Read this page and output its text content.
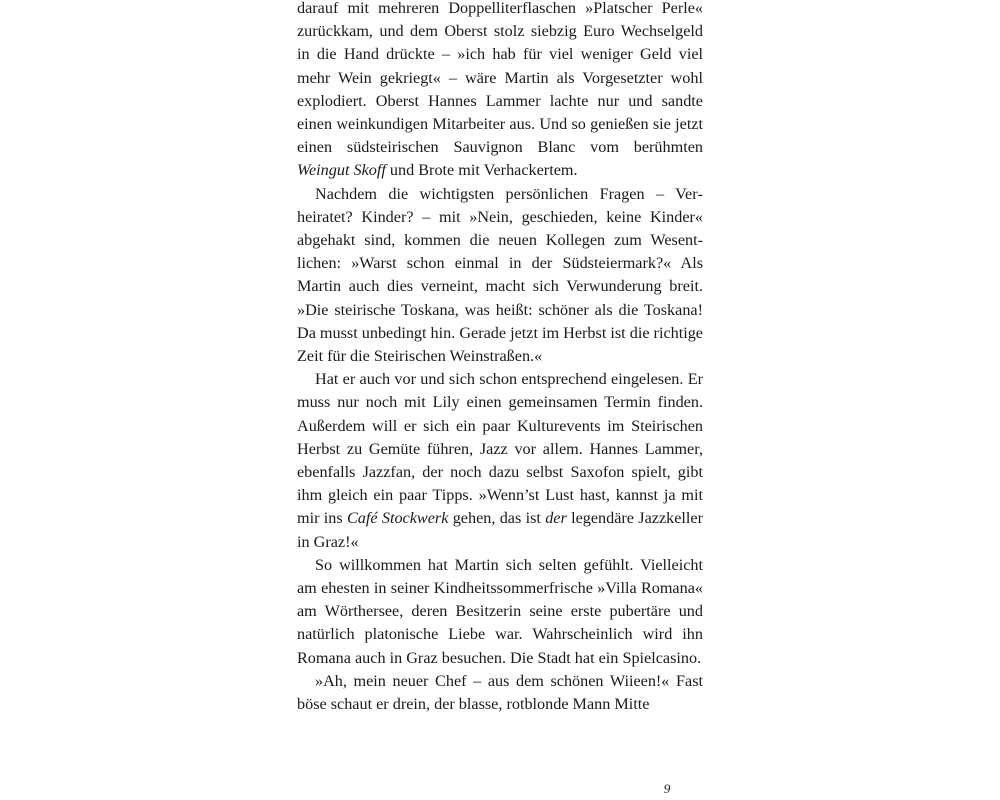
darauf mit mehreren Doppelliterflaschen »Platscher Perle« zurückkam, und dem Oberst stolz siebzig Euro Wechselgeld in die Hand drückte – »ich hab für viel weniger Geld viel mehr Wein gekriegt« – wäre Martin als Vorgesetzter wohl explodiert. Oberst Hannes Lammer lachte nur und sandte einen weinkundigen Mitarbeiter aus. Und so genießen sie jetzt einen südsteirischen Sauvignon Blanc vom berühmten Weingut Skoff und Brote mit Verhackertem.

Nachdem die wichtigsten persönlichen Fragen – Verheiratet? Kinder? – mit »Nein, geschieden, keine Kinder« abgehakt sind, kommen die neuen Kollegen zum Wesentlichen: »Warst schon einmal in der Südsteiermark?« Als Martin auch dies verneint, macht sich Verwunderung breit. »Die steirische Toskana, was heißt: schöner als die Toskana! Da musst unbedingt hin. Gerade jetzt im Herbst ist die richtige Zeit für die Steirischen Weinstraßen.«

Hat er auch vor und sich schon entsprechend eingelesen. Er muss nur noch mit Lily einen gemeinsamen Termin finden. Außerdem will er sich ein paar Kulturevents im Steirischen Herbst zu Gemüte führen, Jazz vor allem. Hannes Lammer, ebenfalls Jazzfan, der noch dazu selbst Saxofon spielt, gibt ihm gleich ein paar Tipps. »Wenn’st Lust hast, kannst ja mit mir ins Café Stockwerk gehen, das ist der legendäre Jazzkeller in Graz!«

So willkommen hat Martin sich selten gefühlt. Vielleicht am ehesten in seiner Kindheitssommerfrische »Villa Romana« am Wörthersee, deren Besitzerin seine erste pubertäre und natürlich platonische Liebe war. Wahrscheinlich wird ihn Romana auch in Graz besuchen. Die Stadt hat ein Spielcasino.

»Ah, mein neuer Chef – aus dem schönen Wiieen!« Fast böse schaut er drein, der blasse, rotblonde Mann Mitte

9
